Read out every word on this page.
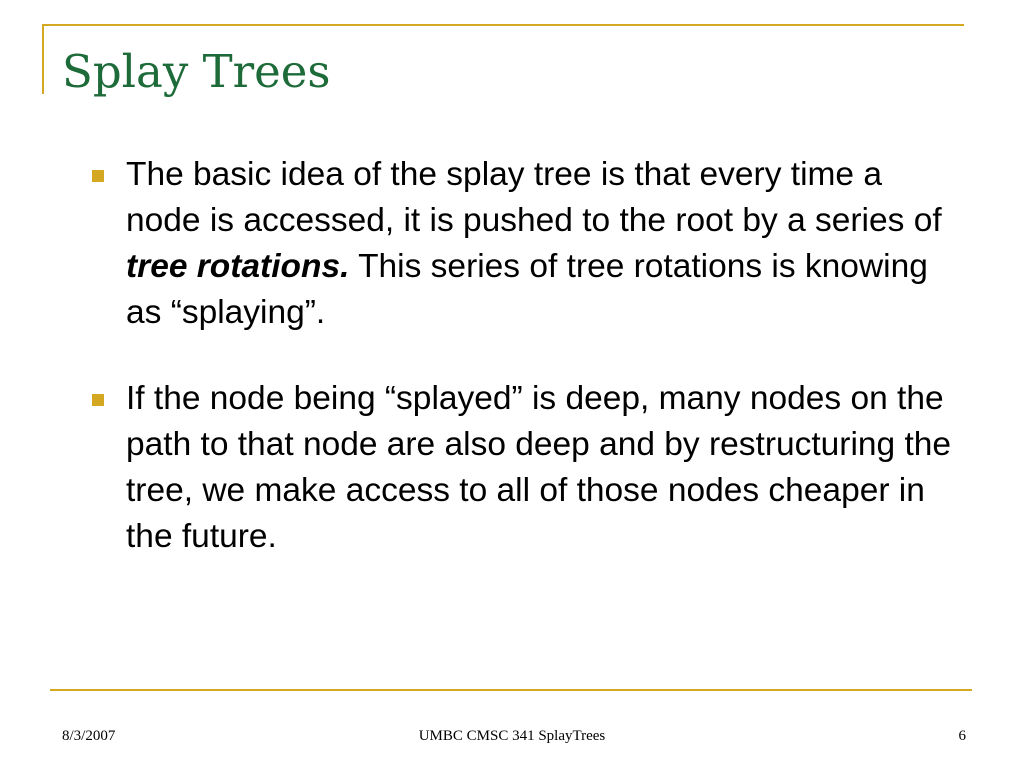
Splay Trees
The basic idea of the splay tree is that every time a node is accessed, it is pushed to the root by a series of tree rotations. This series of tree rotations is knowing as “splaying”.
If the node being “splayed” is deep, many nodes on the path to that node are also deep and by restructuring the tree, we make access to all of those nodes cheaper in the future.
8/3/2007	UMBC CMSC 341 SplayTrees	6
